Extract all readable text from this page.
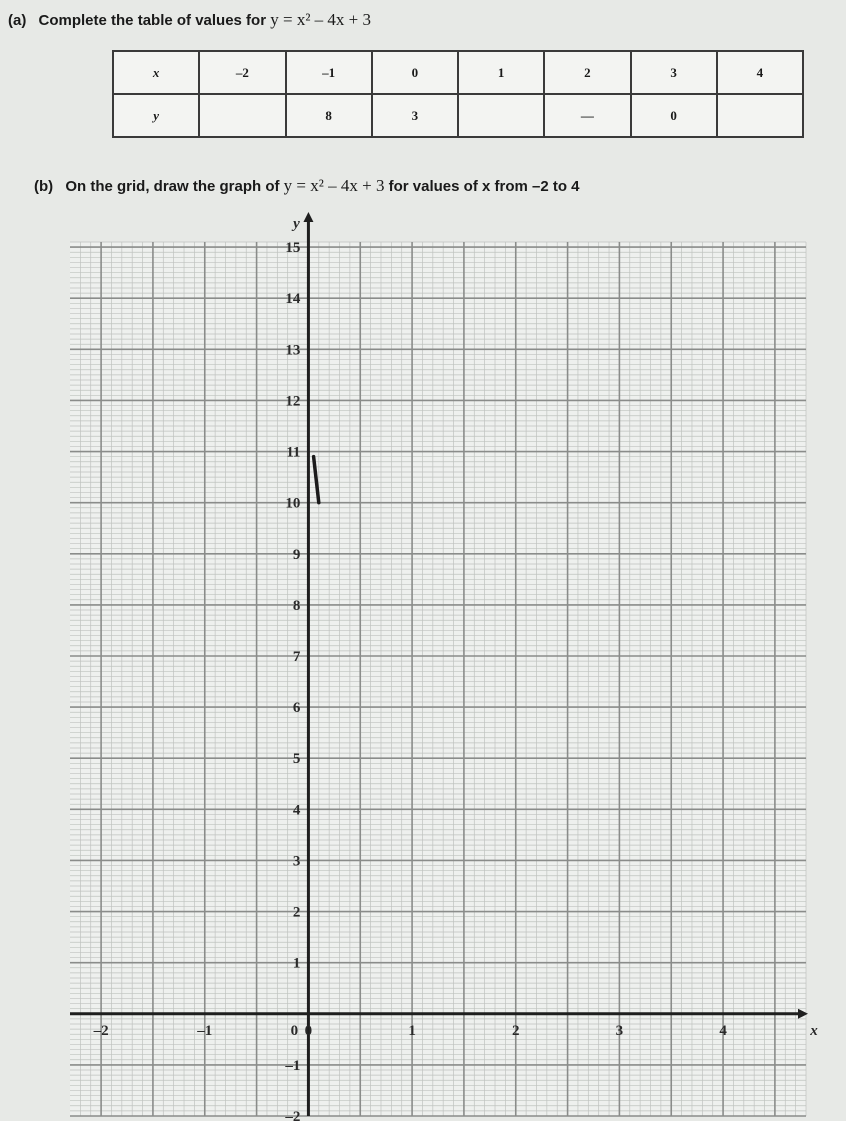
(a) Complete the table of values for y = x² – 4x + 3
x	–2	–1	0	1	2	3	4
y		8	3		—	0	
(b) On the grid, draw the graph of y = x² – 4x + 3 for values of x from –2 to 4
–2	–1	0	1	2	3	4
0
–2
–1
1
2
3
4
5
6
7
8
9
10
11
12
13
14
15
y
x
